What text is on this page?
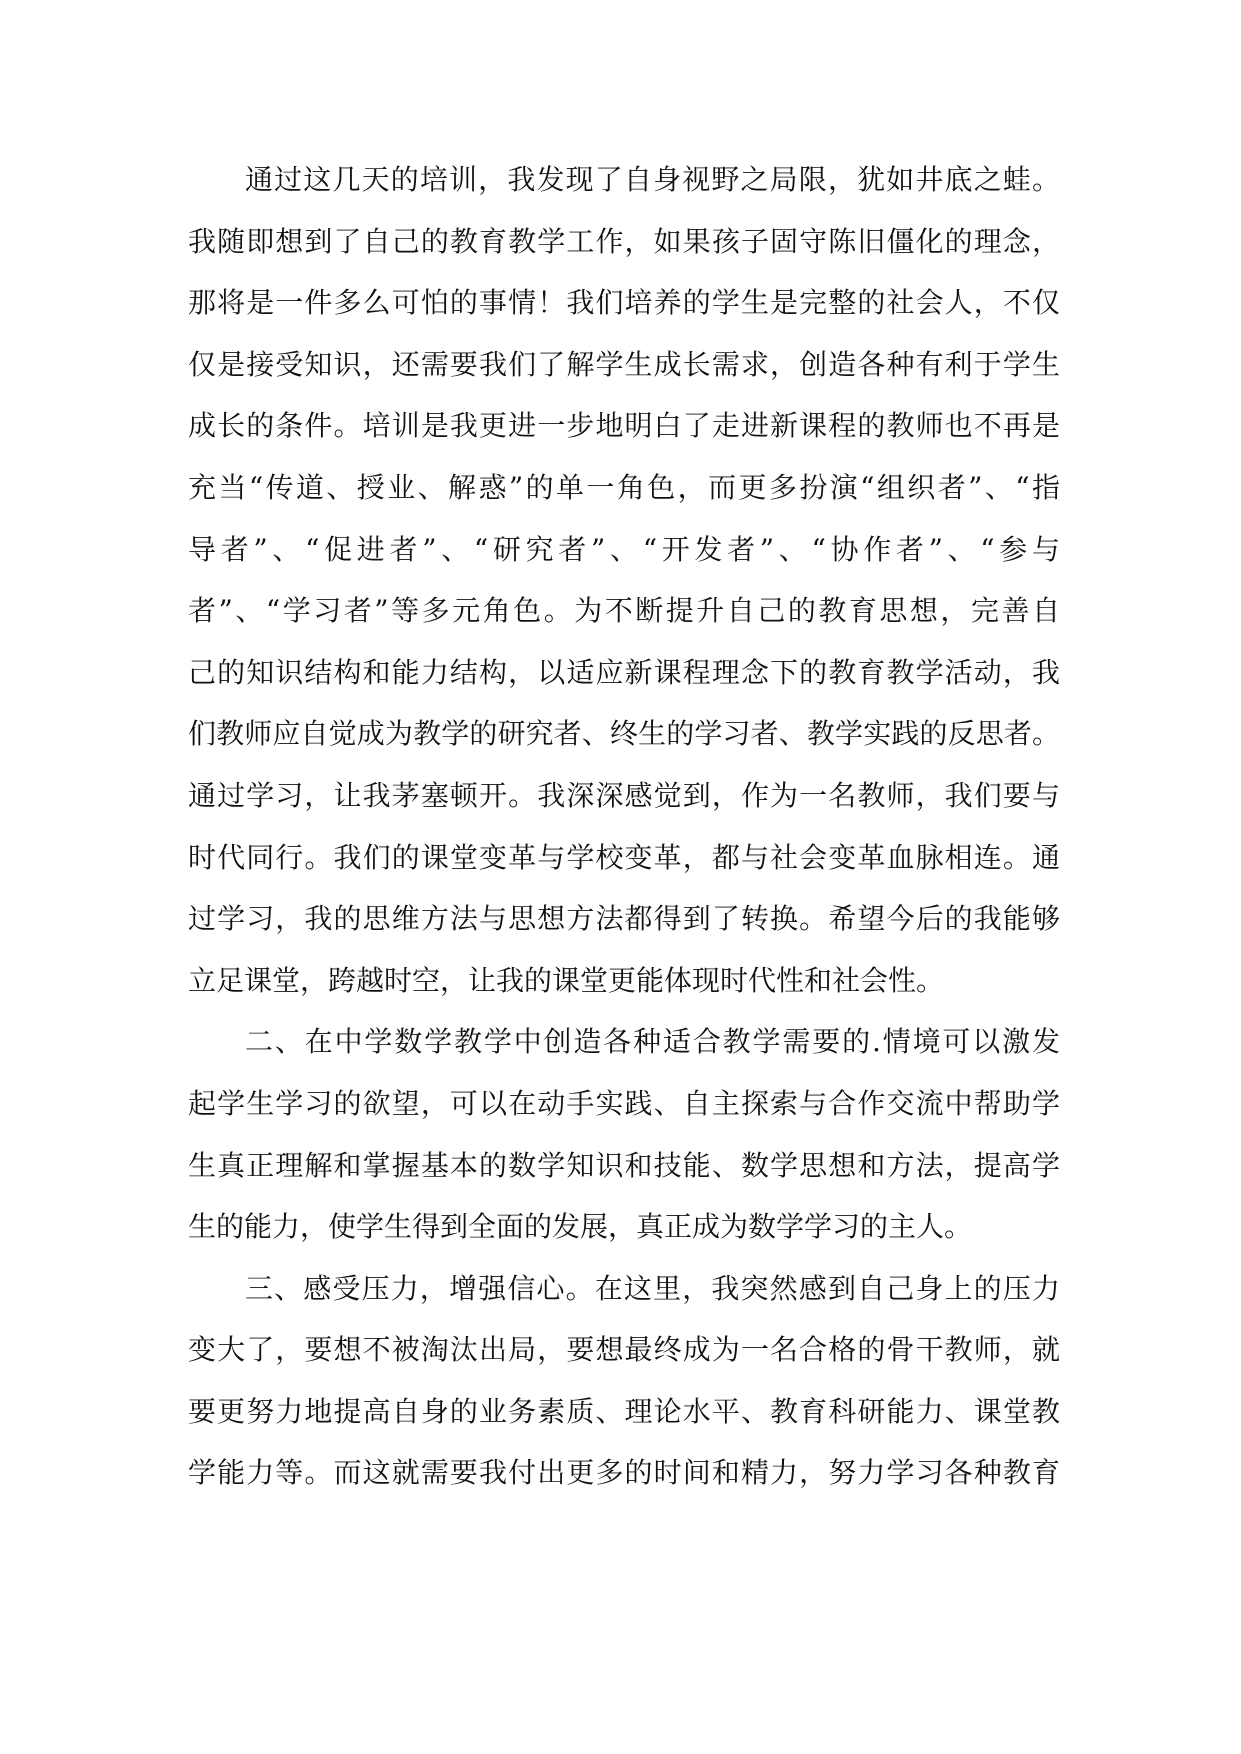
通过这几天的培训，我发现了自身视野之局限，犹如井底之蛙。
我随即想到了自己的教育教学工作，如果孩子固守陈旧僵化的理念，
那将是一件多么可怕的事情！我们培养的学生是完整的社会人，不仅
仅是接受知识，还需要我们了解学生成长需求，创造各种有利于学生
成长的条件。培训是我更进一步地明白了走进新课程的教师也不再是
充当“传道、授业、解惑”的单一角色，而更多扮演“组织者”、“指
导者”、“促进者”、“研究者”、“开发者”、“协作者”、“参与
者”、“学习者”等多元角色。为不断提升自己的教育思想，完善自
己的知识结构和能力结构，以适应新课程理念下的教育教学活动，我
们教师应自觉成为教学的研究者、终生的学习者、教学实践的反思者。
通过学习，让我茅塞顿开。我深深感觉到，作为一名教师，我们要与
时代同行。我们的课堂变革与学校变革，都与社会变革血脉相连。通
过学习，我的思维方法与思想方法都得到了转换。希望今后的我能够
立足课堂，跨越时空，让我的课堂更能体现时代性和社会性。
二、在中学数学教学中创造各种适合教学需要的.情境可以激发
起学生学习的欲望，可以在动手实践、自主探索与合作交流中帮助学
生真正理解和掌握基本的数学知识和技能、数学思想和方法，提高学
生的能力，使学生得到全面的发展，真正成为数学学习的主人。
三、感受压力，增强信心。在这里，我突然感到自己身上的压力
变大了，要想不被淘汰出局，要想最终成为一名合格的骨干教师，就
要更努力地提高自身的业务素质、理论水平、教育科研能力、课堂教
学能力等。而这就需要我付出更多的时间和精力，努力学习各种教育
